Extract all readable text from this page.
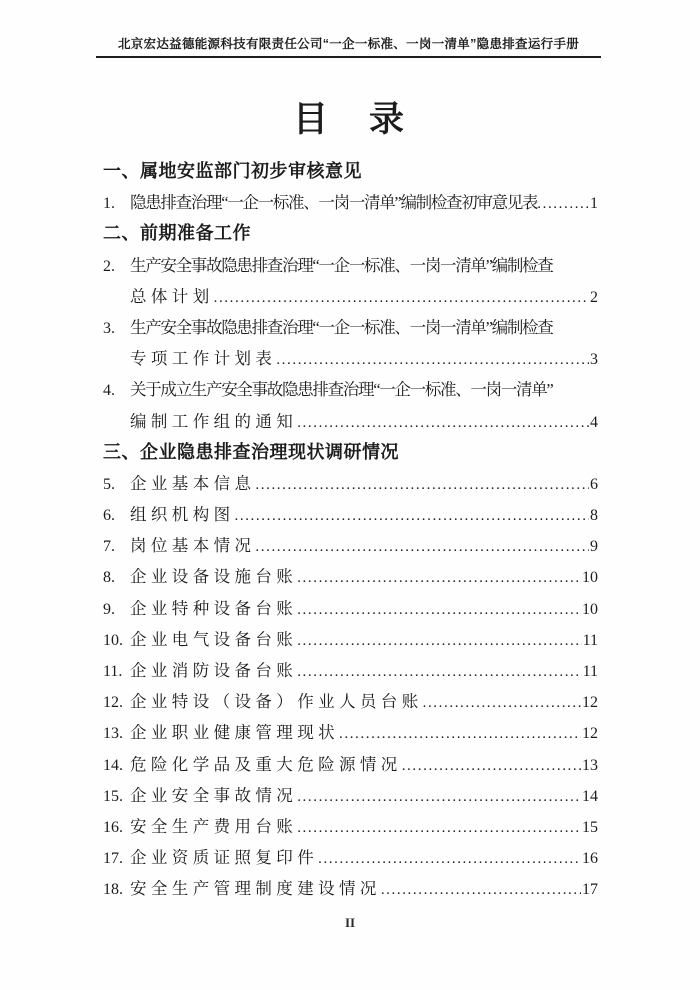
北京宏达益德能源科技有限责任公司“一企一标准、一岗一清单”隐患排查运行手册
目　录
一、属地安监部门初步审核意见
1. 隐患排查治理“一企一标准、一岗一清单”编制检查初审意见表 .....	1
二、前期准备工作
2. 生产安全事故隐患排查治理“一企一标准、一岗一清单”编制检查
总体计划 .....	2
3. 生产安全事故隐患排查治理“一企一标准、一岗一清单”编制检查
专项工作计划表 .....	3
4. 关于成立生产安全事故隐患排查治理“一企一标准、一岗一清单”
编制工作组的通知 .....	4
三、企业隐患排查治理现状调研情况
5. 企业基本信息 .....	6
6. 组织机构图 .....	8
7. 岗位基本情况 .....	9
8. 企业设备设施台账 .....	10
9. 企业特种设备台账 .....	10
10. 企业电气设备台账 .....	11
11. 企业消防设备台账 .....	11
12. 企业特设（设备）作业人员台账 .....	12
13. 企业职业健康管理现状 .....	12
14. 危险化学品及重大危险源情况 .....	13
15. 企业安全事故情况 .....	14
16. 安全生产费用台账 .....	15
17. 企业资质证照复印件 .....	16
18. 安全生产管理制度建设情况 .....	17
II
